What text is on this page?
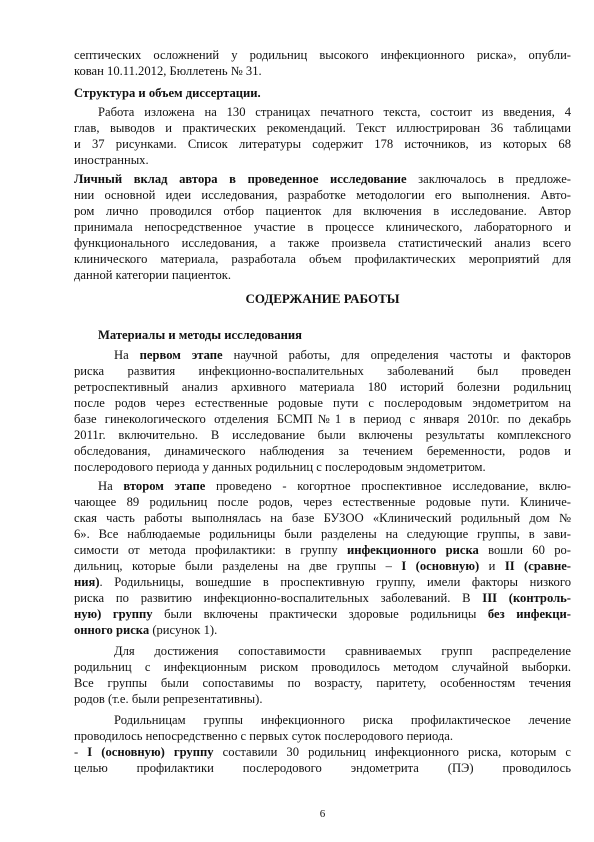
септических осложнений у родильниц высокого инфекционного риска», опубли-
кован 10.11.2012, Бюллетень № 31.
Структура и объем диссертации.
Работа изложена на 130 страницах печатного текста, состоит из введения, 4
глав, выводов и практических рекомендаций. Текст иллюстрирован 36 таблицами
и 37 рисунками. Список литературы содержит 178 источников, из которых 68
иностранных.
Личный вклад автора в проведенное исследование заключалось в предложе-
нии основной идеи исследования, разработке методологии его выполнения. Авто-
ром лично проводился отбор пациенток для включения в исследование. Автор
принимала непосредственное участие в процессе клинического, лабораторного и
функционального исследования, а также произвела статистический анализ всего
клинического материала, разработала объем профилактических мероприятий для
данной категории пациенток.
СОДЕРЖАНИЕ РАБОТЫ
Материалы и методы исследования
На первом этапе научной работы, для определения частоты и факторов
риска развития инфекционно-воспалительных заболеваний был проведен
ретроспективный анализ архивного материала 180 историй болезни родильниц
после родов через естественные родовые пути с послеродовым эндометритом на
базе гинекологического отделения БСМП№1 в период с января 2010г. по декабрь
2011г. включительно. В исследование были включены результаты комплексного
обследования, динамического наблюдения за течением беременности, родов и
послеродового периода у данных родильниц с послеродовым эндометритом.
На втором этапе проведено - когортное проспективное исследование, вклю-
чающее 89 родильниц после родов, через естественные родовые пути. Клиниче-
ская часть работы выполнялась на базе БУЗОО «Клинический родильный дом №
6». Все наблюдаемые родильницы были разделены на следующие группы, в зави-
симости от метода профилактики: в группу инфекционного риска вошли 60 ро-
дильниц, которые были разделены на две группы – I (основную) и II (сравне-
ния). Родильницы, вошедшие в проспективную группу, имели факторы низкого
риска по развитию инфекционно-воспалительных заболеваний. В III (контроль-
ную) группу были включены практически здоровые родильницы без инфекци-
онного риска (рисунок 1).
Для достижения сопоставимости сравниваемых групп распределение
родильниц с инфекционным риском проводилось методом случайной выборки.
Все группы были сопоставимы по возрасту, паритету, особенностям течения
родов (т.е. были репрезентативны).
Родильницам группы инфекционного риска профилактическое лечение
проводилось непосредственно с первых суток послеродового периода.
- I (основную) группу составили 30 родильниц инфекционного риска, которым с
целью профилактики послеродового эндометрита (ПЭ) проводилось
6
